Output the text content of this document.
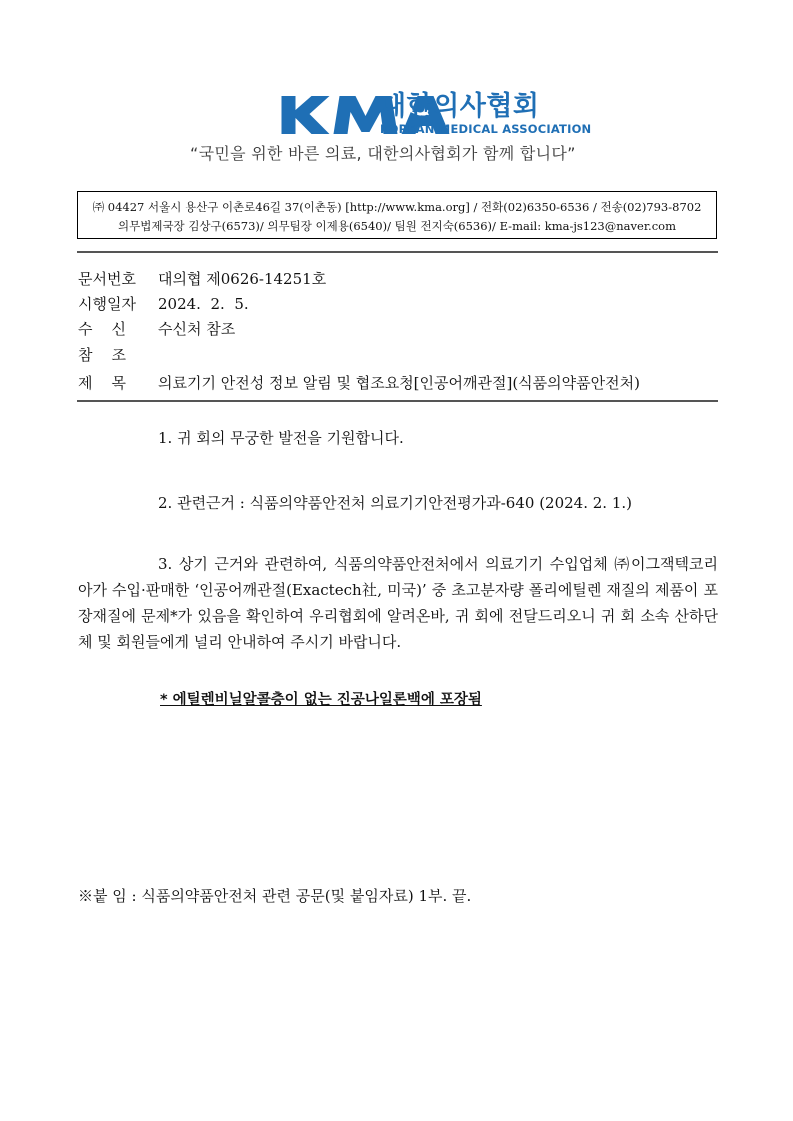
대한의사협회
KOREAN MEDICAL ASSOCIATION
“국민을 위한 바른 의료, 대한의사협회가 함께 합니다”
㈜ 04427 서울시 용산구 이촌로46길 37(이촌동) [http://www.kma.org] / 전화(02)6350-6536 / 전송(02)793-8702
의무법제국장 김상구(6573)/ 의무팀장 이제용(6540)/ 팀원 전지숙(6536)/ E-mail: kma-js123@naver.com
문서번호	대의협 제0626-14251호
시행일자	2024.  2.  5.
수    신	수신처 참조
참    조
제    목	의료기기 안전성 정보 알림 및 협조요청[인공어깨관절](식품의약품안전처)
1. 귀 회의 무궁한 발전을 기원합니다.
2. 관련근거 : 식품의약품안전처 의료기기안전평가과-640 (2024. 2. 1.)
3. 상기 근거와 관련하여, 식품의약품안전처에서 의료기기 수입업체 ㈜이그잭텍코리아가 수입·판매한 ‘인공어깨관절(Exactech社, 미국)’ 중 초고분자량 폴리에틸렌 재질의 제품이 포장재질에 문제*가 있음을 확인하여 우리협회에 알려온바, 귀 회에 전달드리오니 귀 회 소속 산하단체 및 회원들에게 널리 안내하여 주시기 바랍니다.
* 에틸렌비닐알콜층이 없는 진공나일론백에 포장됨
※붙 임 : 식품의약품안전처 관련 공문(및 붙임자료) 1부. 끝.
